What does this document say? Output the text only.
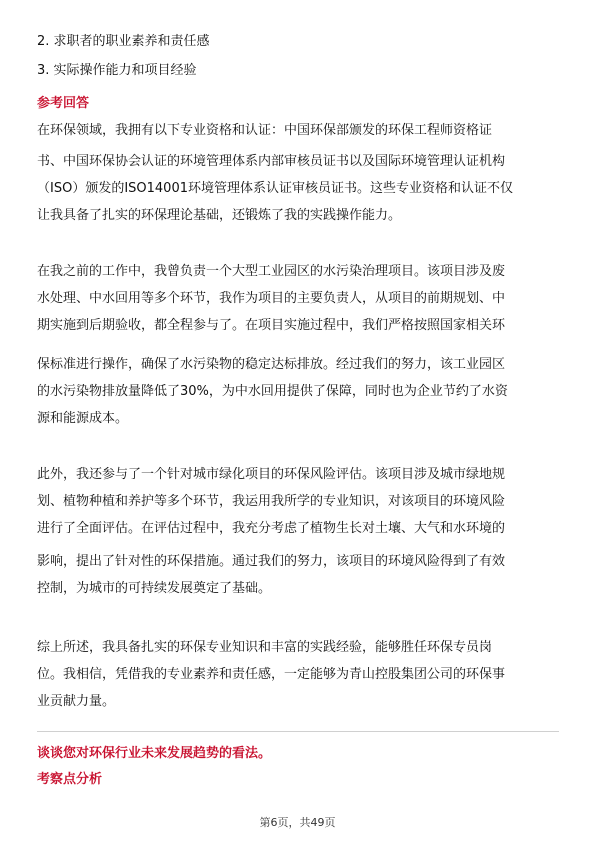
2. 求职者的职业素养和责任感
3. 实际操作能力和项目经验
参考回答
在环保领域，我拥有以下专业资格和认证：中国环保部颁发的环保工程师资格证
书、中国环保协会认证的环境管理体系内部审核员证书以及国际环境管理认证机构
（ISO）颁发的ISO14001环境管理体系认证审核员证书。这些专业资格和认证不仅
让我具备了扎实的环保理论基础，还锻炼了我的实践操作能力。
在我之前的工作中，我曾负责一个大型工业园区的水污染治理项目。该项目涉及废
水处理、中水回用等多个环节，我作为项目的主要负责人，从项目的前期规划、中
期实施到后期验收，都全程参与了。在项目实施过程中，我们严格按照国家相关环
保标准进行操作，确保了水污染物的稳定达标排放。经过我们的努力，该工业园区
的水污染物排放量降低了30%，为中水回用提供了保障，同时也为企业节约了水资
源和能源成本。
此外，我还参与了一个针对城市绿化项目的环保风险评估。该项目涉及城市绿地规
划、植物种植和养护等多个环节，我运用我所学的专业知识，对该项目的环境风险
进行了全面评估。在评估过程中，我充分考虑了植物生长对土壤、大气和水环境的
影响，提出了针对性的环保措施。通过我们的努力，该项目的环境风险得到了有效
控制，为城市的可持续发展奠定了基础。
综上所述，我具备扎实的环保专业知识和丰富的实践经验，能够胜任环保专员岗
位。我相信，凭借我的专业素养和责任感，一定能够为青山控股集团公司的环保事
业贡献力量。
谈谈您对环保行业未来发展趋势的看法。
考察点分析
第6页，共49页
